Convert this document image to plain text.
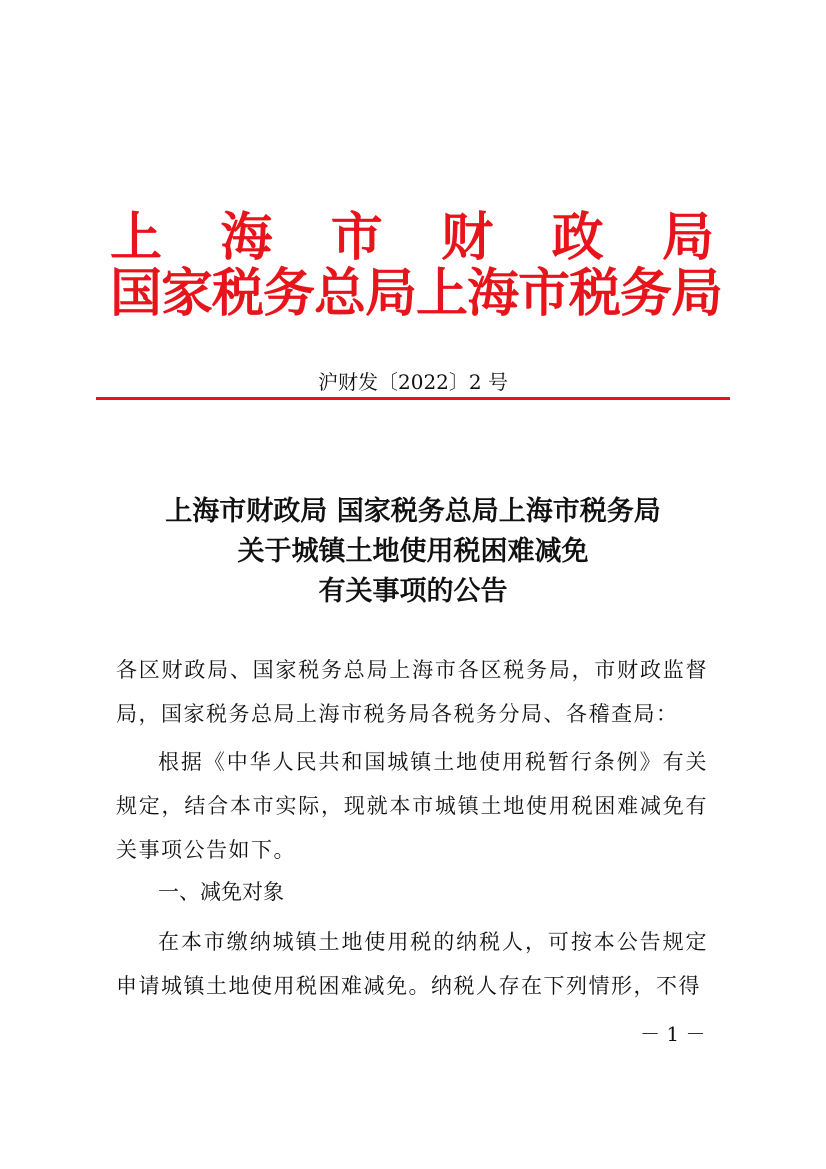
上 海 市 财 政 局
国家税务总局上海市税务局
沪财发〔2022〕2 号
上海市财政局 国家税务总局上海市税务局
关于城镇土地使用税困难减免
有关事项的公告
各区财政局、国家税务总局上海市各区税务局，市财政监督局，国家税务总局上海市税务局各税务分局、各稽查局：
根据《中华人民共和国城镇土地使用税暂行条例》有关规定，结合本市实际，现就本市城镇土地使用税困难减免有关事项公告如下。
一、减免对象
在本市缴纳城镇土地使用税的纳税人，可按本公告规定申请城镇土地使用税困难减免。纳税人存在下列情形，不得
－ 1 －
